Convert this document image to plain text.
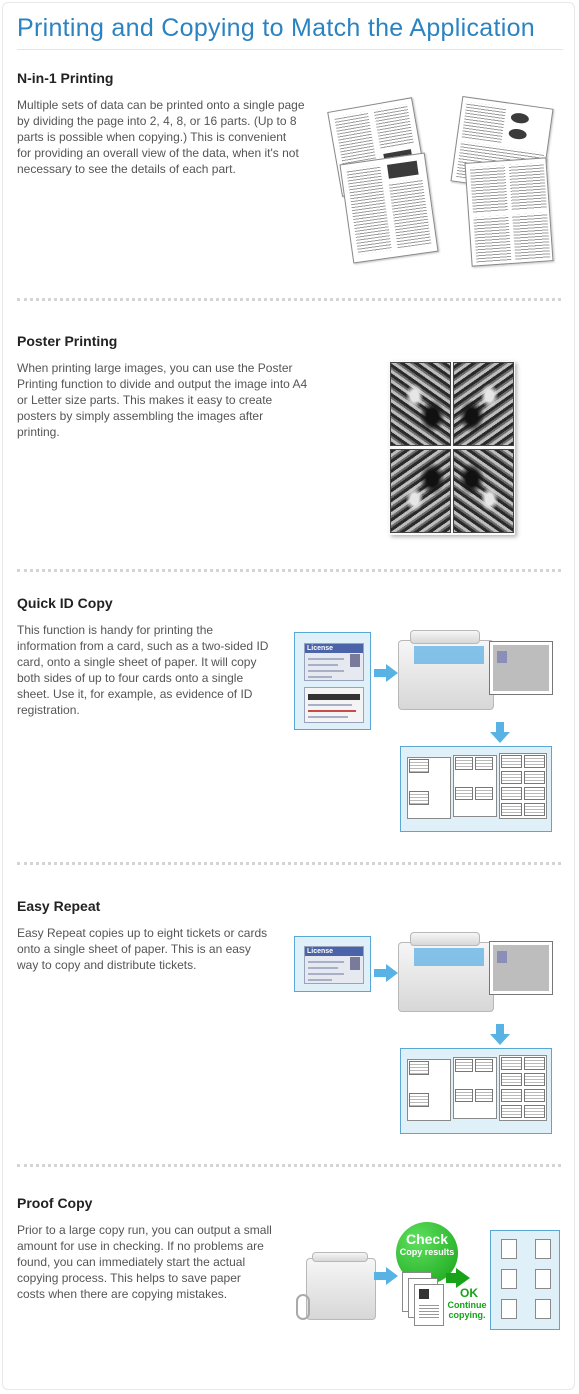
Printing and Copying to Match the Application
N-in-1 Printing
Multiple sets of data can be printed onto a single page
by dividing the page into 2, 4, 8, or 16 parts. (Up to 8
parts is possible when copying.) This is convenient
for providing an overall view of the data, when it's not
necessary to see the details of each part.
Poster Printing
When printing large images, you can use the Poster
Printing function to divide and output the image into A4
or Letter size parts. This makes it easy to create
posters by simply assembling the images after
printing.
Quick ID Copy
This function is handy for printing the
information from a card, such as a two-sided ID
card, onto a single sheet of paper. It will copy
both sides of up to four cards onto a single
sheet. Use it, for example, as evidence of ID
registration.
License
Easy Repeat
Easy Repeat copies up to eight tickets or cards
onto a single sheet of paper. This is an easy
way to copy and distribute tickets.
License
Proof Copy
Prior to a large copy run, you can output a small
amount for use in checking. If no problems are
found, you can immediately start the actual
copying process. This helps to save paper
costs when there are copying mistakes.
Check
Copy results
OK
Continue
copying.
